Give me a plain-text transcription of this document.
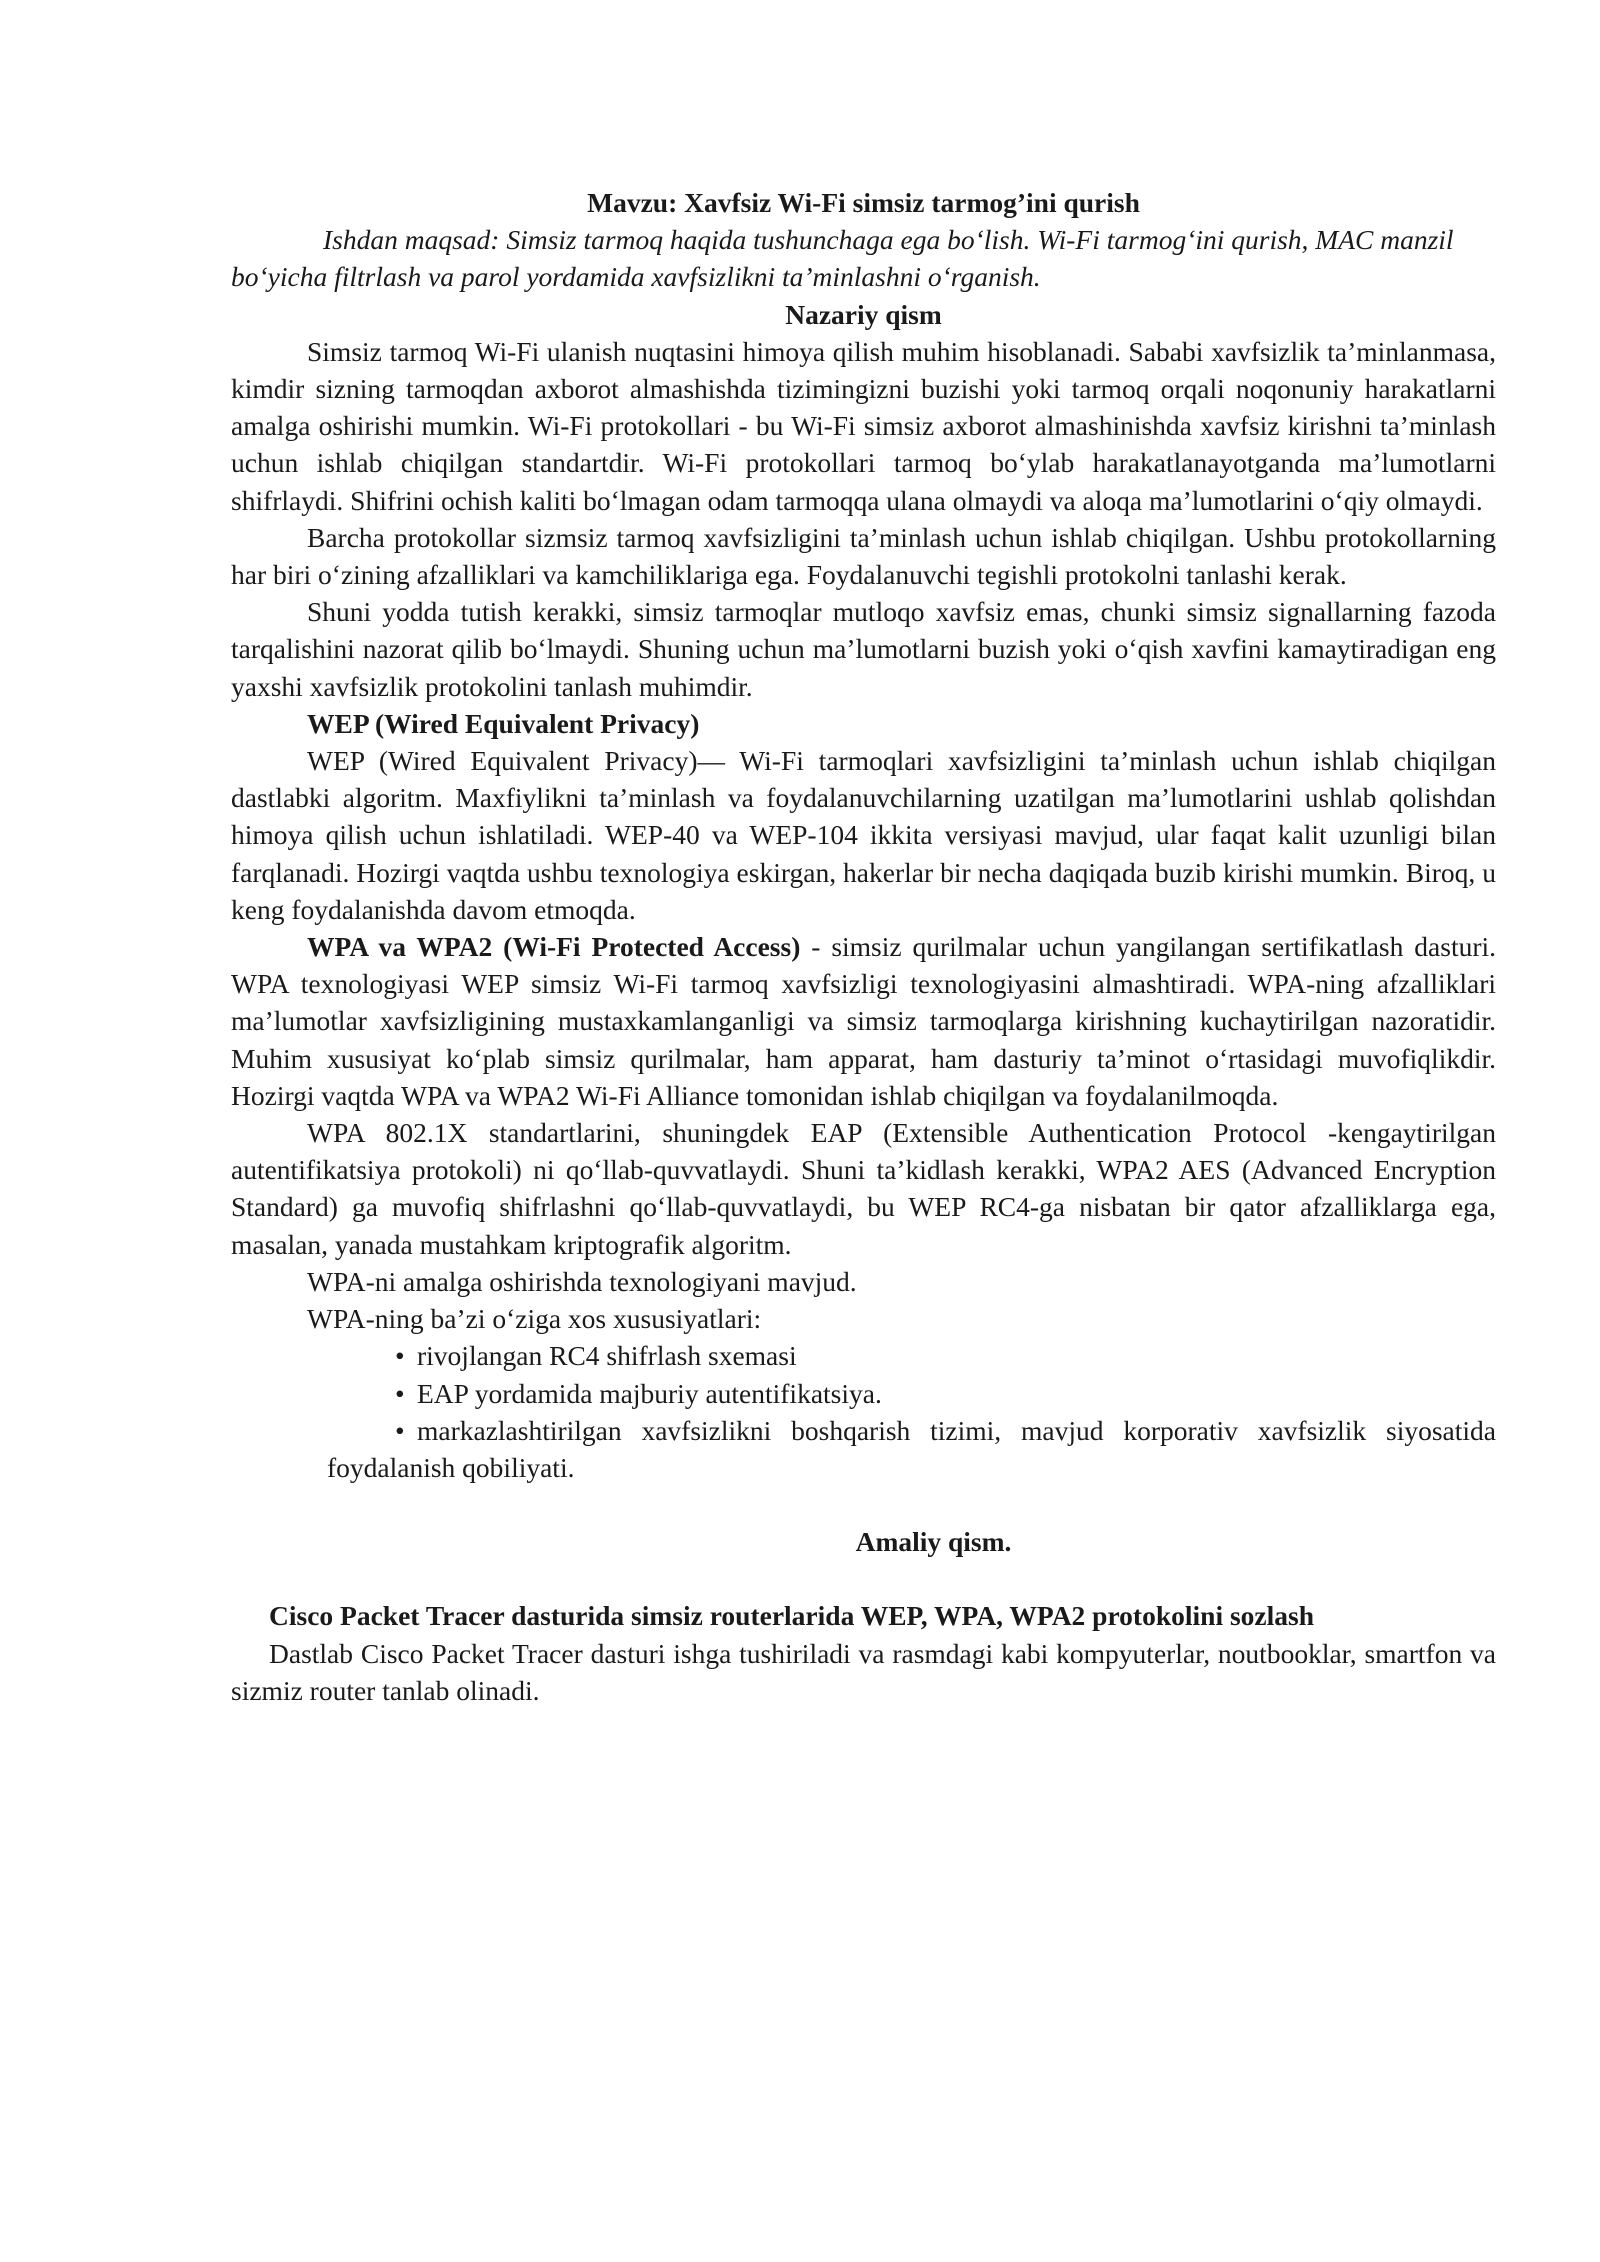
Mavzu: Xavfsiz Wi-Fi simsiz tarmog’ini qurish

Ishdan maqsad: Simsiz tarmoq haqida tushunchaga ega bo‘lish. Wi-Fi tarmog‘ini qurish, MAC manzil bo‘yicha filtrlash va parol yordamida xavfsizlikni ta’minlashni o‘rganish.

Nazariy qism

Simsiz tarmoq Wi-Fi ulanish nuqtasini himoya qilish muhim hisoblanadi. Sababi xavfsizlik ta’minlanmasa, kimdir sizning tarmoqdan axborot almashishda tizimingizni buzishi yoki tarmoq orqali noqonuniy harakatlarni amalga oshirishi mumkin. Wi-Fi protokollari - bu Wi-Fi simsiz axborot almashinishda xavfsiz kirishni ta’minlash uchun ishlab chiqilgan standartdir. Wi-Fi protokollari tarmoq bo‘ylab harakatlanayotganda ma’lumotlarni shifrlaydi. Shifrini ochish kaliti bo‘lmagan odam tarmoqqa ulana olmaydi va aloqa ma’lumotlarini o‘qiy olmaydi.

Barcha protokollar sizmsiz tarmoq xavfsizligini ta’minlash uchun ishlab chiqilgan. Ushbu protokollarning har biri o‘zining afzalliklari va kamchiliklariga ega. Foydalanuvchi tegishli protokolni tanlashi kerak.

Shuni yodda tutish kerakki, simsiz tarmoqlar mutloqo xavfsiz emas, chunki simsiz signallarning fazoda tarqalishini nazorat qilib bo‘lmaydi. Shuning uchun ma’lumotlarni buzish yoki o‘qish xavfini kamaytiradigan eng yaxshi xavfsizlik protokolini tanlash muhimdir.

WEP (Wired Equivalent Privacy)

WEP (Wired Equivalent Privacy)— Wi-Fi tarmoqlari xavfsizligini ta’minlash uchun ishlab chiqilgan dastlabki algoritm. Maxfiylikni ta’minlash va foydalanuvchilarning uzatilgan ma’lumotlarini ushlab qolishdan himoya qilish uchun ishlatiladi. WEP-40 va WEP-104 ikkita versiyasi mavjud, ular faqat kalit uzunligi bilan farqlanadi. Hozirgi vaqtda ushbu texnologiya eskirgan, hakerlar bir necha daqiqada buzib kirishi mumkin. Biroq, u keng foydalanishda davom etmoqda.

WPA va WPA2 (Wi-Fi Protected Access) - simsiz qurilmalar uchun yangilangan sertifikatlash dasturi. WPA texnologiyasi WEP simsiz Wi-Fi tarmoq xavfsizligi texnologiyasini almashtiradi. WPA-ning afzalliklari ma’lumotlar xavfsizligining mustaxkamlanganligi va simsiz tarmoqlarga kirishning kuchaytirilgan nazoratidir. Muhim xususiyat ko‘plab simsiz qurilmalar, ham apparat, ham dasturiy ta’minot o‘rtasidagi muvofiqlikdir. Hozirgi vaqtda WPA va WPA2 Wi-Fi Alliance tomonidan ishlab chiqilgan va foydalanilmoqda.

WPA 802.1X standartlarini, shuningdek EAP (Extensible Authentication Protocol -kengaytirilgan autentifikatsiya protokoli) ni qo‘llab-quvvatlaydi. Shuni ta’kidlash kerakki, WPA2 AES (Advanced Encryption Standard) ga muvofiq shifrlashni qo‘llab-quvvatlaydi, bu WEP RC4-ga nisbatan bir qator afzalliklarga ega, masalan, yanada mustahkam kriptografik algoritm.

WPA-ni amalga oshirishda texnologiyani mavjud.

WPA-ning ba’zi o‘ziga xos xususiyatlari:

• rivojlangan RC4 shifrlash sxemasi
• EAP yordamida majburiy autentifikatsiya.
• markazlashtirilgan xavfsizlikni boshqarish tizimi, mavjud korporativ xavfsizlik siyosatida foydalanish qobiliyati.

Amaliy qism.

Cisco Packet Tracer dasturida simsiz routerlarida WEP, WPA, WPA2 protokolini sozlash

Dastlab Cisco Packet Tracer dasturi ishga tushiriladi va rasmdagi kabi kompyuterlar, noutbooklar, smartfon va sizmiz router tanlab olinadi.
